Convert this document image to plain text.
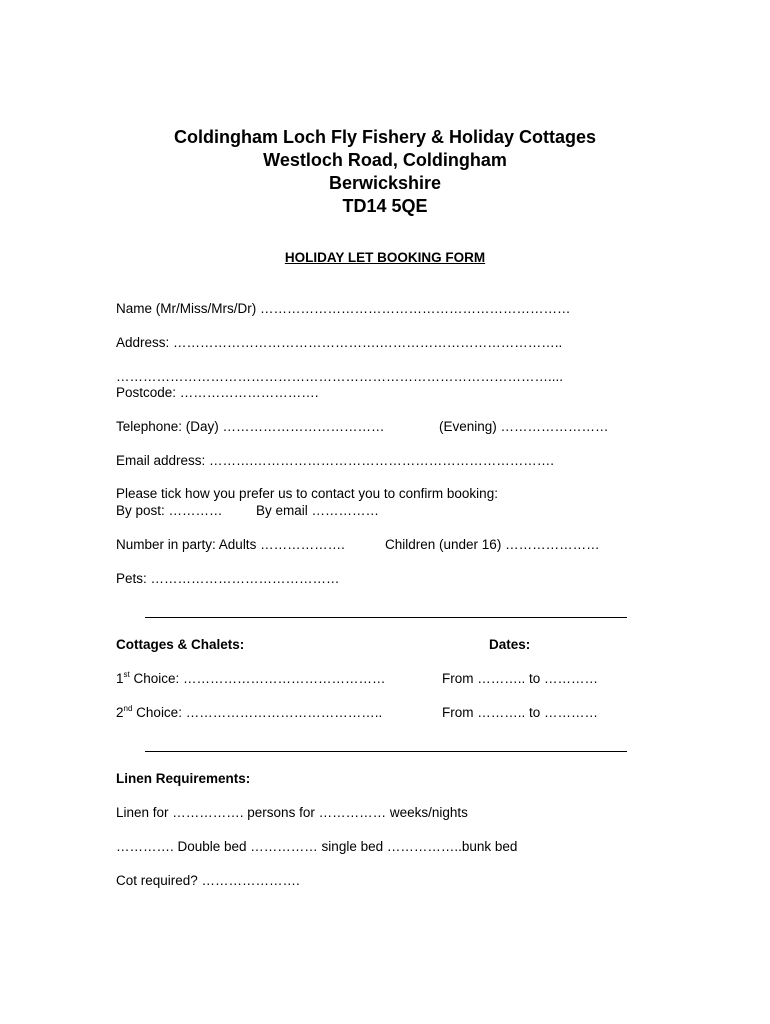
Coldingham Loch Fly Fishery & Holiday Cottages
Westloch Road, Coldingham
Berwickshire
TD14 5QE
HOLIDAY LET BOOKING FORM
Name (Mr/Miss/Mrs/Dr) ……………………………………………………………
Address: ……………………………………….…………………………………..
……………………………………………………………………………………....
Postcode: ………………………….
Telephone: (Day) ………………………………	(Evening) ……………………
Email address: ……….………………………………………………………….
Please tick how you prefer us to contact you to confirm booking:
By post: ………… By email ……………
Number in party: Adults ……………….	Children (under 16) …………………
Pets: ……………………………………
Cottages & Chalets:	Dates:
1st Choice: ………………………………………	From ……….. to …………
2nd Choice: ……………………………………..	From ……….. to …………
Linen Requirements:
Linen for ……………. persons for …………… weeks/nights
…………. Double bed …………… single bed ……………..bunk bed
Cot required? ………………….
